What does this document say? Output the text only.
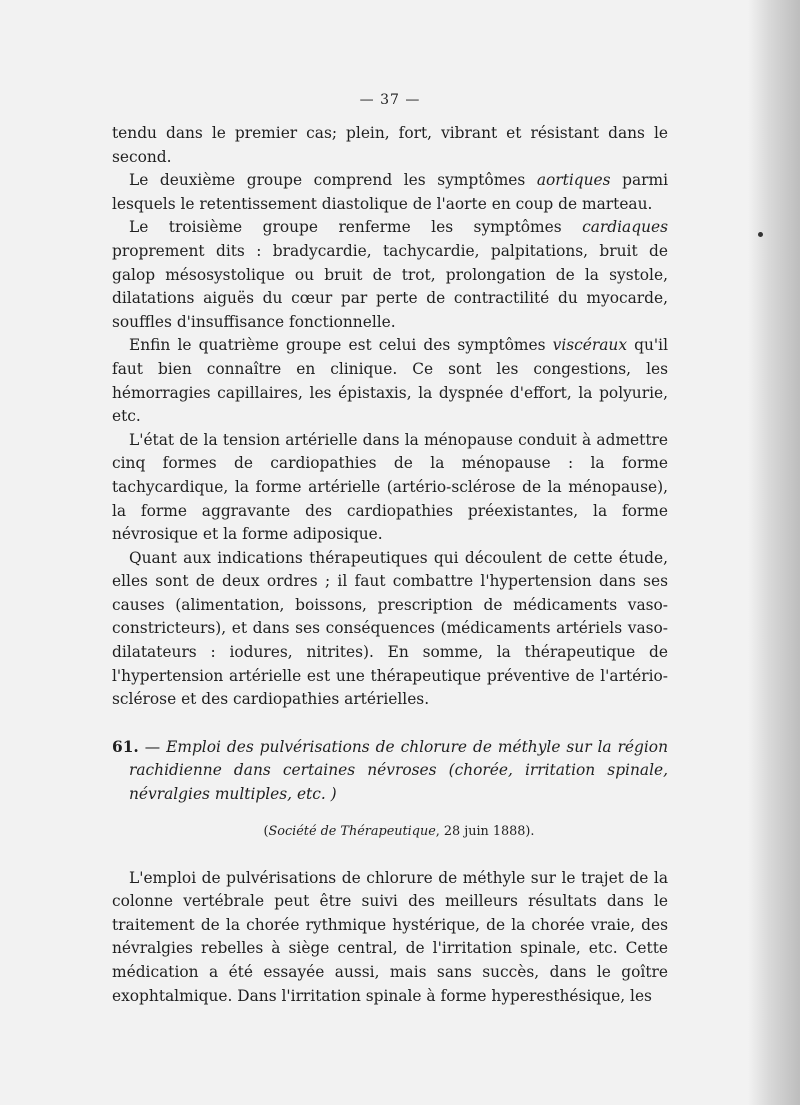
— 37 —

tendu dans le premier cas; plein, fort, vibrant et résistant dans le second.

Le deuxième groupe comprend les symptômes aortiques parmi lesquels le retentissement diastolique de l'aorte en coup de marteau.

Le troisième groupe renferme les symptômes cardiaques proprement dits : bradycardie, tachycardie, palpitations, bruit de galop mésosystolique ou bruit de trot, prolongation de la systole, dilatations aiguës du cœur par perte de contractilité du myocarde, souffles d'insuffisance fonctionnelle.

Enfin le quatrième groupe est celui des symptômes viscéraux qu'il faut bien connaître en clinique. Ce sont les congestions, les hémorragies capillaires, les épistaxis, la dyspnée d'effort, la polyurie, etc.

L'état de la tension artérielle dans la ménopause conduit à admettre cinq formes de cardiopathies de la ménopause : la forme tachycardique, la forme artérielle (artério-sclérose de la ménopause), la forme aggravante des cardiopathies préexistantes, la forme névrosique et la forme adiposique.

Quant aux indications thérapeutiques qui découlent de cette étude, elles sont de deux ordres ; il faut combattre l'hypertension dans ses causes (alimentation, boissons, prescription de médicaments vaso-constricteurs), et dans ses conséquences (médicaments artériels vaso-dilatateurs : iodures, nitrites). En somme, la thérapeutique de l'hypertension artérielle est une thérapeutique préventive de l'artério-sclérose et des cardiopathies artérielles.

61. — Emploi des pulvérisations de chlorure de méthyle sur la région rachidienne dans certaines névroses (chorée, irritation spinale, névralgies multiples, etc. )
(Société de Thérapeutique, 28 juin 1888).

L'emploi de pulvérisations de chlorure de méthyle sur le trajet de la colonne vertébrale peut être suivi des meilleurs résultats dans le traitement de la chorée rythmique hystérique, de la chorée vraie, des névralgies rebelles à siège central, de l'irritation spinale, etc. Cette médication a été essayée aussi, mais sans succès, dans le goître exophtalmique. Dans l'irritation spinale à forme hyperesthésique, les
